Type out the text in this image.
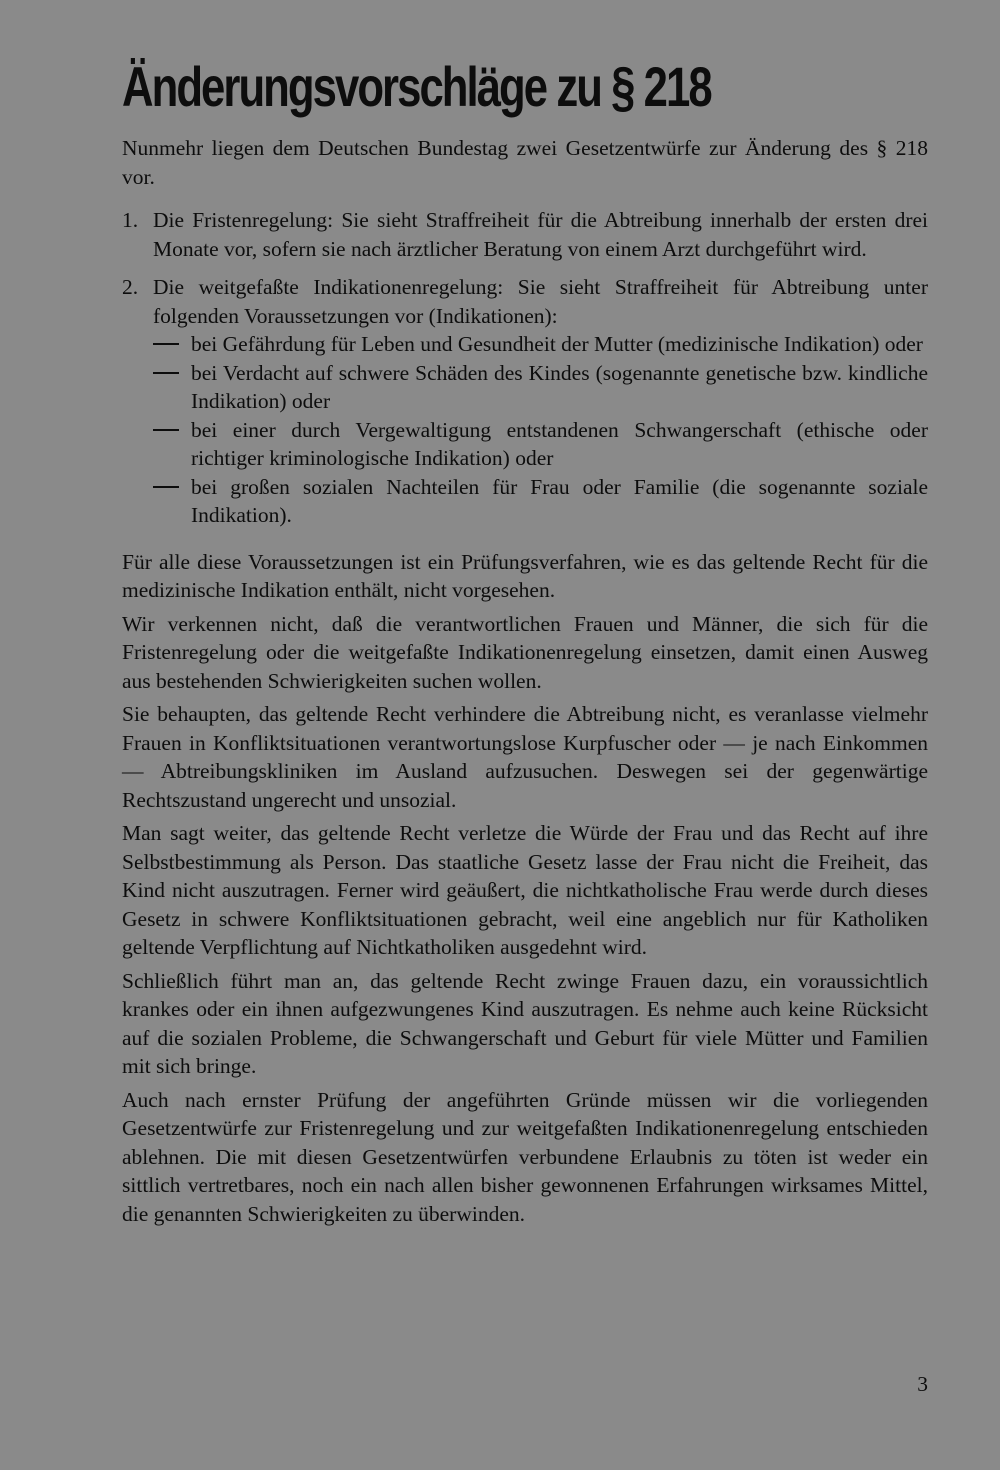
Änderungsvorschläge zu § 218

Nunmehr liegen dem Deutschen Bundestag zwei Gesetzentwürfe zur Änderung des § 218 vor.

1. Die Fristenregelung: Sie sieht Straffreiheit für die Abtreibung innerhalb der ersten drei Monate vor, sofern sie nach ärztlicher Beratung von einem Arzt durchgeführt wird.
2. Die weitgefaßte Indikationenregelung: Sie sieht Straffreiheit für Abtreibung unter folgenden Voraussetzungen vor (Indikationen):
bei Gefährdung für Leben und Gesundheit der Mutter (medizinische Indikation) oder
bei Verdacht auf schwere Schäden des Kindes (sogenannte genetische bzw. kindliche Indikation) oder
bei einer durch Vergewaltigung entstandenen Schwangerschaft (ethische oder richtiger kriminologische Indikation) oder
bei großen sozialen Nachteilen für Frau oder Familie (die sogenannte soziale Indikation).

Für alle diese Voraussetzungen ist ein Prüfungsverfahren, wie es das geltende Recht für die medizinische Indikation enthält, nicht vorgesehen.

Wir verkennen nicht, daß die verantwortlichen Frauen und Männer, die sich für die Fristenregelung oder die weitgefaßte Indikationenregelung einsetzen, damit einen Ausweg aus bestehenden Schwierigkeiten suchen wollen.

Sie behaupten, das geltende Recht verhindere die Abtreibung nicht, es veranlasse vielmehr Frauen in Konfliktsituationen verantwortungslose Kurpfuscher oder — je nach Einkommen — Abtreibungskliniken im Ausland aufzusuchen. Deswegen sei der gegenwärtige Rechtszustand ungerecht und unsozial.

Man sagt weiter, das geltende Recht verletze die Würde der Frau und das Recht auf ihre Selbstbestimmung als Person. Das staatliche Gesetz lasse der Frau nicht die Freiheit, das Kind nicht auszutragen. Ferner wird geäußert, die nichtkatholische Frau werde durch dieses Gesetz in schwere Konfliktsituationen gebracht, weil eine angeblich nur für Katholiken geltende Verpflichtung auf Nichtkatholiken ausgedehnt wird.

Schließlich führt man an, das geltende Recht zwinge Frauen dazu, ein voraussichtlich krankes oder ein ihnen aufgezwungenes Kind auszutragen. Es nehme auch keine Rücksicht auf die sozialen Probleme, die Schwangerschaft und Geburt für viele Mütter und Familien mit sich bringe.

Auch nach ernster Prüfung der angeführten Gründe müssen wir die vorliegenden Gesetzentwürfe zur Fristenregelung und zur weitgefaßten Indikationenregelung entschieden ablehnen. Die mit diesen Gesetzentwürfen verbundene Erlaubnis zu töten ist weder ein sittlich vertretbares, noch ein nach allen bisher gewonnenen Erfahrungen wirksames Mittel, die genannten Schwierigkeiten zu überwinden.

3
